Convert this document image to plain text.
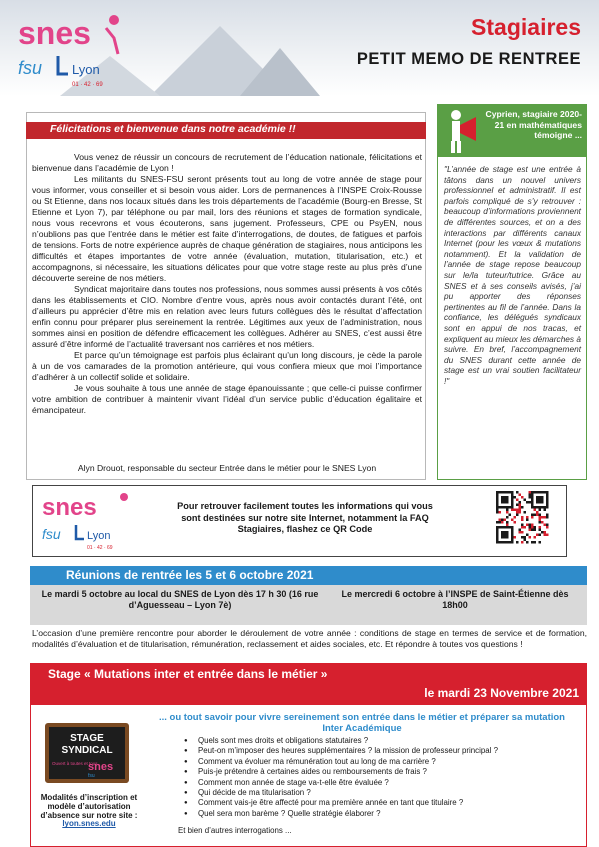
snes
fsu Lyon
01 · 42 · 69
Stagiaires
PETIT MEMO DE RENTREE
Félicitations et bienvenue dans notre académie !!

Vous venez de réussir un concours de recrutement de l’éducation nationale, félicitations et bienvenue dans l’académie de Lyon !

Les militants du SNES-FSU seront présents tout au long de votre année de stage pour vous informer, vous conseiller et si besoin vous aider. Lors de permanences à l’INSPE Croix-Rousse ou St Etienne, dans nos locaux situés dans les trois départements de l’académie (Bourg-en Bresse, St Etienne et Lyon 7), par téléphone ou par mail, lors des réunions et stages de formation syndicale, nous vous recevrons et vous écouterons, sans jugement. Professeurs, CPE ou PsyEN, nous n’oublions pas que l’entrée dans le métier est faite d’interrogations, de doutes, de fatigues et parfois de tensions. Forts de notre expérience auprès de chaque génération de stagiaires, nous anticipons les difficultés et étapes importantes de votre année (évaluation, mutation, titularisation, etc.) et accompagnons, si nécessaire, les situations délicates pour que votre stage reste au plus près d’une découverte sereine de nos métiers.

Syndicat majoritaire dans toutes nos professions, nous sommes aussi présents à vos côtés dans les établissements et CIO. Nombre d’entre vous, après nous avoir contactés durant l’été, ont d’ailleurs pu apprécier d’être mis en relation avec leurs futurs collègues dès le résultat d’affectation enfin connu pour préparer plus sereinement la rentrée. Légitimes aux yeux de l’administration, nous sommes ainsi en position de défendre efficacement les collègues. Adhérer au SNES, c’est aussi être assuré d’être informé de l’actualité traversant nos carrières et nos métiers.

Et parce qu’un témoignage est parfois plus éclairant qu’un long discours, je cède la parole à un de vos camarades de la promotion antérieure, qui vous confiera mieux que moi l’importance d’adhérer à un collectif solide et solidaire.

Je vous souhaite à tous une année de stage épanouissante ; que celle-ci puisse confirmer votre ambition de contribuer à maintenir vivant l’idéal d’un service public d’éducation égalitaire et émancipateur.

Alyn Drouot, responsable du secteur Entrée dans le métier pour le SNES Lyon
Cyprien, stagiaire 2020-21 en mathématiques témoigne ...
"L’année de stage est une entrée à tâtons dans un nouvel univers professionnel et administratif. Il est parfois compliqué de s’y retrouver : beaucoup d’informations proviennent de différentes sources, et on a des interactions par différents canaux Internet (pour les vœux & mutations notamment). Et la validation de l’année de stage repose beaucoup sur le/la tuteur/tutrice. Grâce au SNES et à ses conseils avisés, j’ai pu apporter des réponses pertinentes au fil de l’année. Dans la confiance, les délégués syndicaux sont en appui de nos tracas, et expliquent au mieux les démarches à suivre. En bref, l’accompagnement du SNES durant cette année de stage est un vrai soutien facilitateur !"
snes
fsu Lyon
01 · 42 · 69
Pour retrouver facilement toutes les informations qui vous sont destinées sur notre site Internet, notamment la FAQ Stagiaires, flashez ce QR Code
Réunions de rentrée les 5 et 6 octobre 2021
Le mardi 5 octobre au local du SNES de Lyon dès 17 h 30 (16 rue d’Aguesseau – Lyon 7è)
Le mercredi 6 octobre à l’INSPE de Saint-Étienne dès 18h00
L’occasion d’une première rencontre pour aborder le déroulement de votre année : conditions de stage en termes de service et de formation, modalités d’évaluation et de titularisation, rémunération, reclassement et aides sociales, etc. Et répondre à toutes vos questions !
Stage « Mutations inter et entrée dans le métier »
le mardi 23 Novembre 2021
STAGE
SYNDICAL
Ouvert à toutes et tous
snes
fsu
Modalités d’inscription et modèle d’autorisation d’absence sur notre site : lyon.snes.edu
... ou tout savoir pour vivre sereinement son entrée dans le métier et préparer sa mutation Inter Académique
● Quels sont mes droits et obligations statutaires ?
● Peut-on m’imposer des heures supplémentaires ? la mission de professeur principal ?
● Comment va évoluer ma rémunération tout au long de ma carrière ?
● Puis-je prétendre à certaines aides ou remboursements de frais ?
● Comment mon année de stage va-t-elle être évaluée ?
● Qui décide de ma titularisation ?
● Comment vais-je être affecté pour ma première année en tant que titulaire ?
● Quel sera mon barème ? Quelle stratégie élaborer ?
Et bien d’autres interrogations ...
